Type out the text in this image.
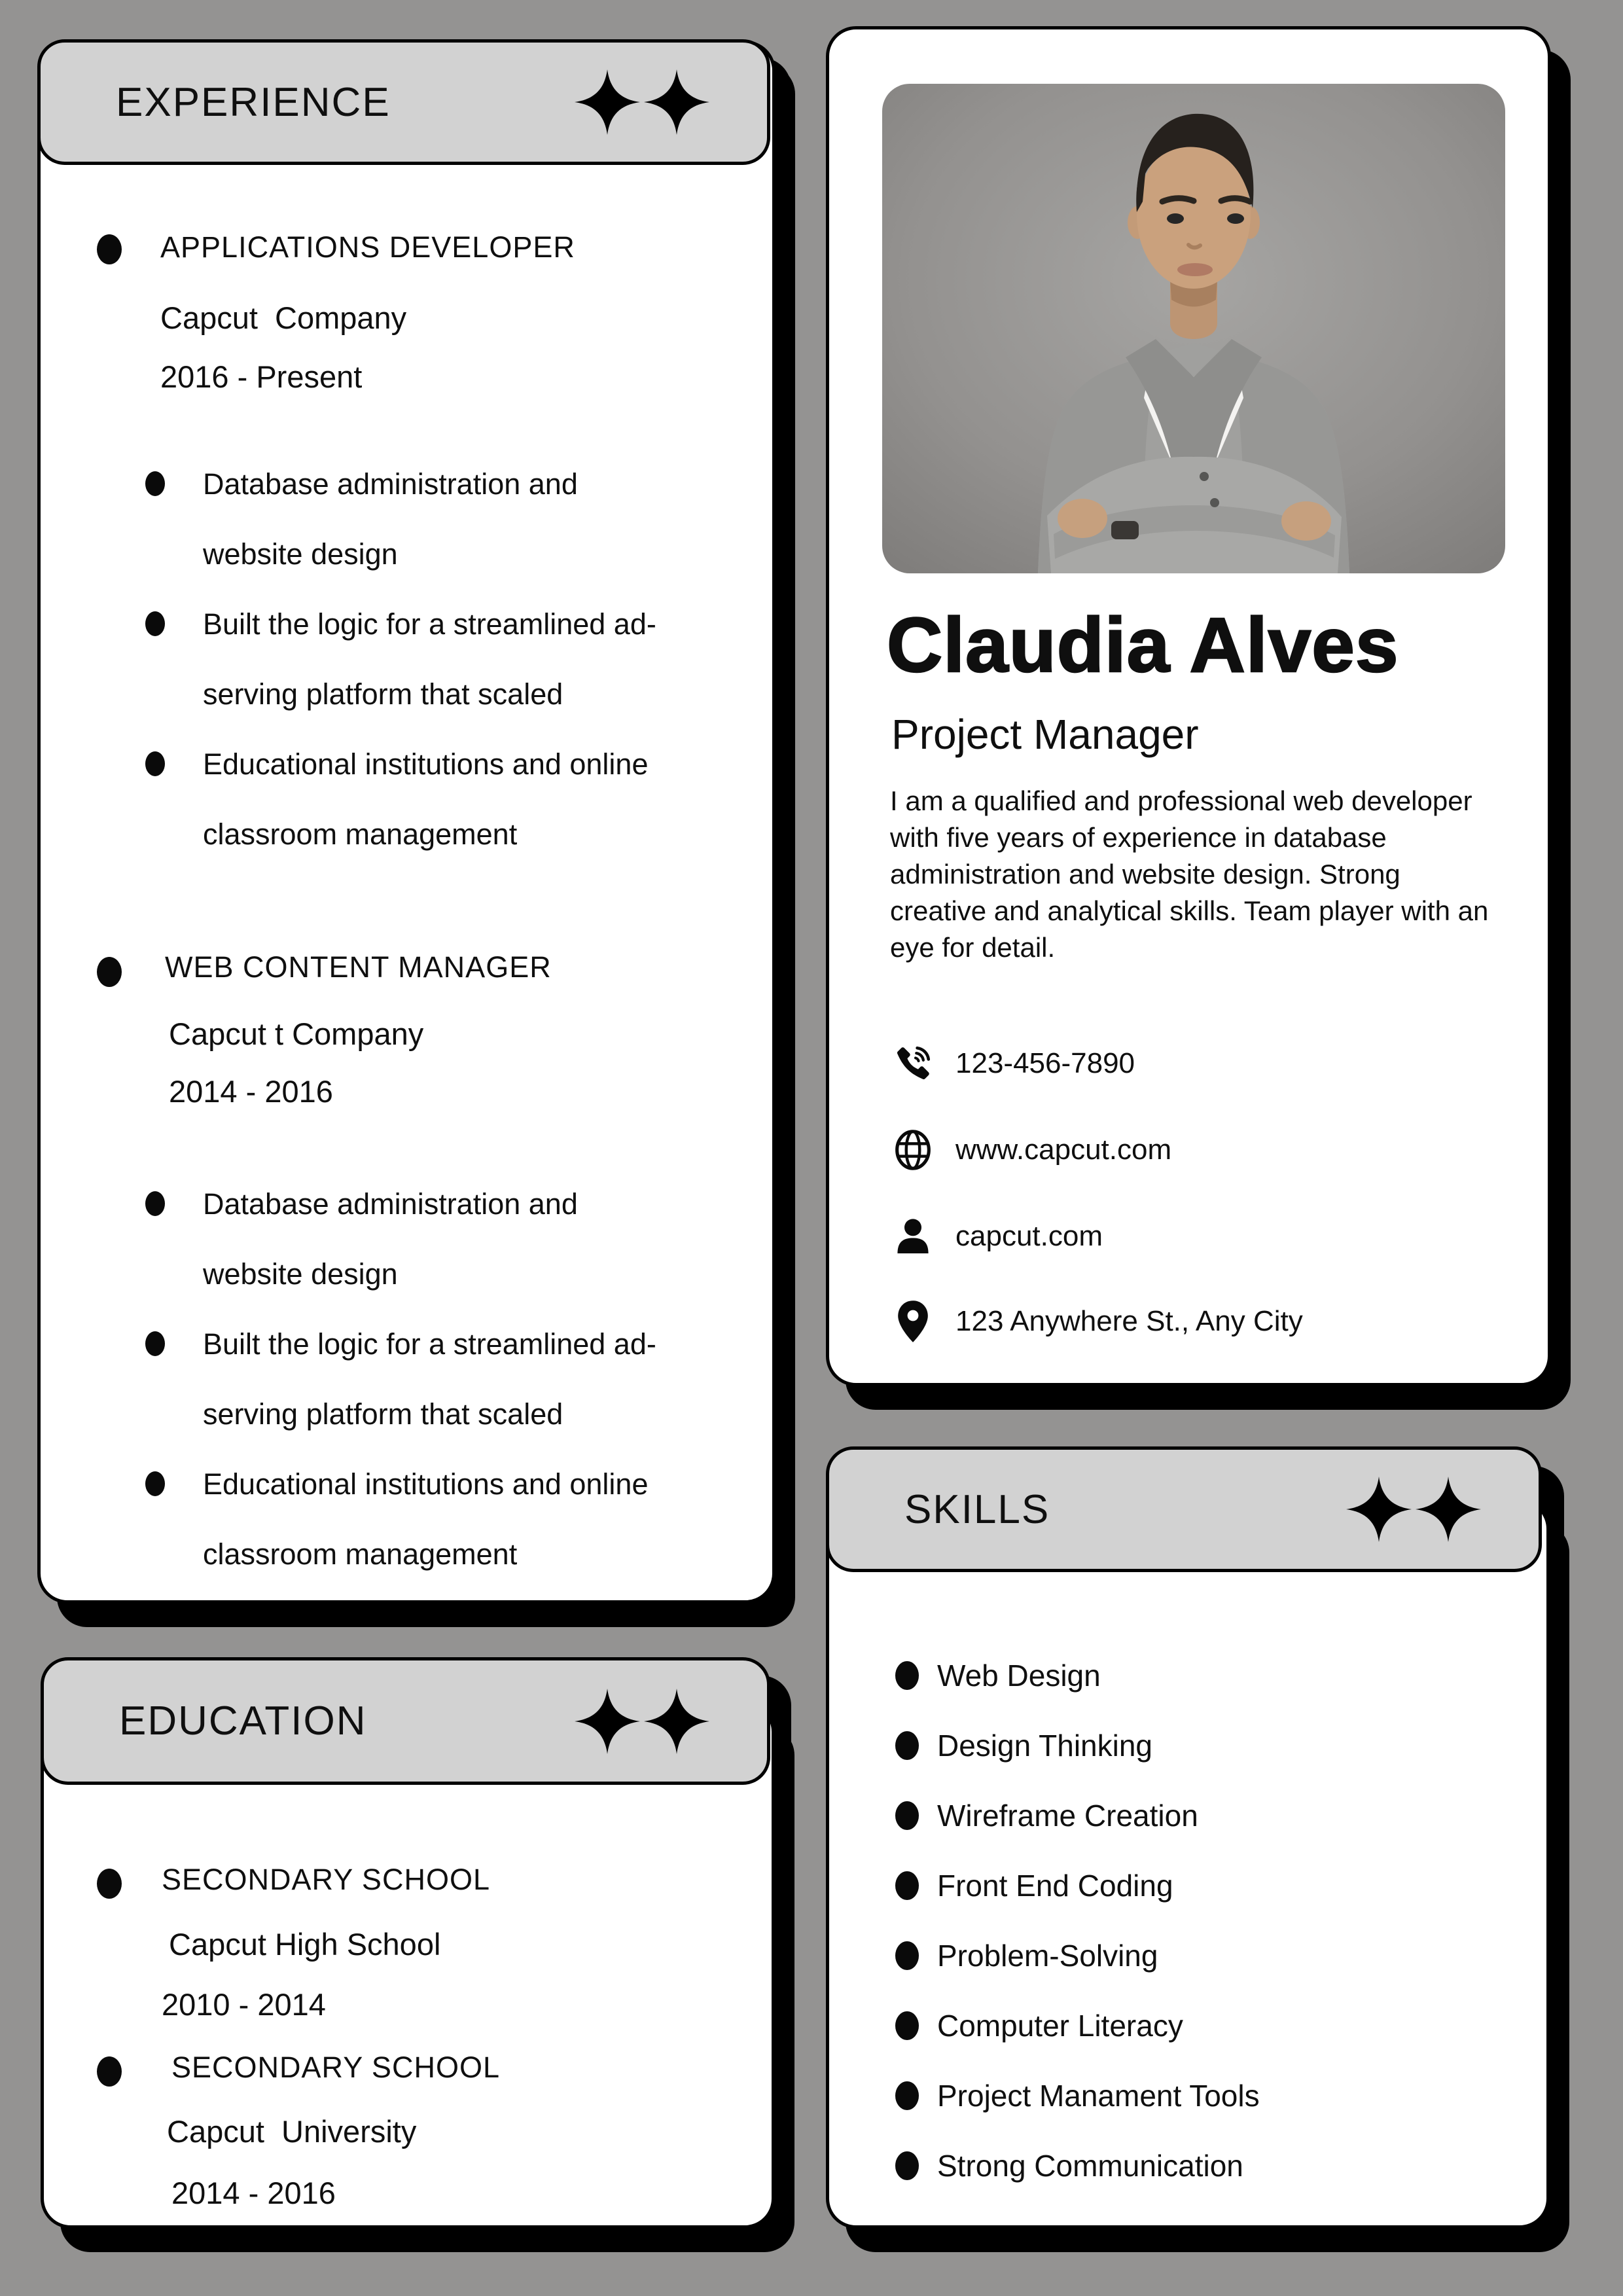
EXPERIENCE
APPLICATIONS DEVELOPER
Capcut  Company
2016 - Present
Database administration and
website design
Built the logic for a streamlined ad-
serving platform that scaled
Educational institutions and online
classroom management
WEB CONTENT MANAGER
Capcut t Company
2014 - 2016
Database administration and
website design
Built the logic for a streamlined ad-
serving platform that scaled
Educational institutions and online
classroom management
EDUCATION
SECONDARY SCHOOL
Capcut High School
2010 - 2014
SECONDARY SCHOOL
Capcut  University
2014 - 2016
Claudia Alves
Project Manager
I am a qualified and professional web developer with five years of experience in database administration and website design. Strong creative and analytical skills. Team player with an eye for detail.
123-456-7890
www.capcut.com
capcut.com
123 Anywhere St., Any City
SKILLS
Web Design
Design Thinking
Wireframe Creation
Front End Coding
Problem-Solving
Computer Literacy
Project Manament Tools
Strong Communication
